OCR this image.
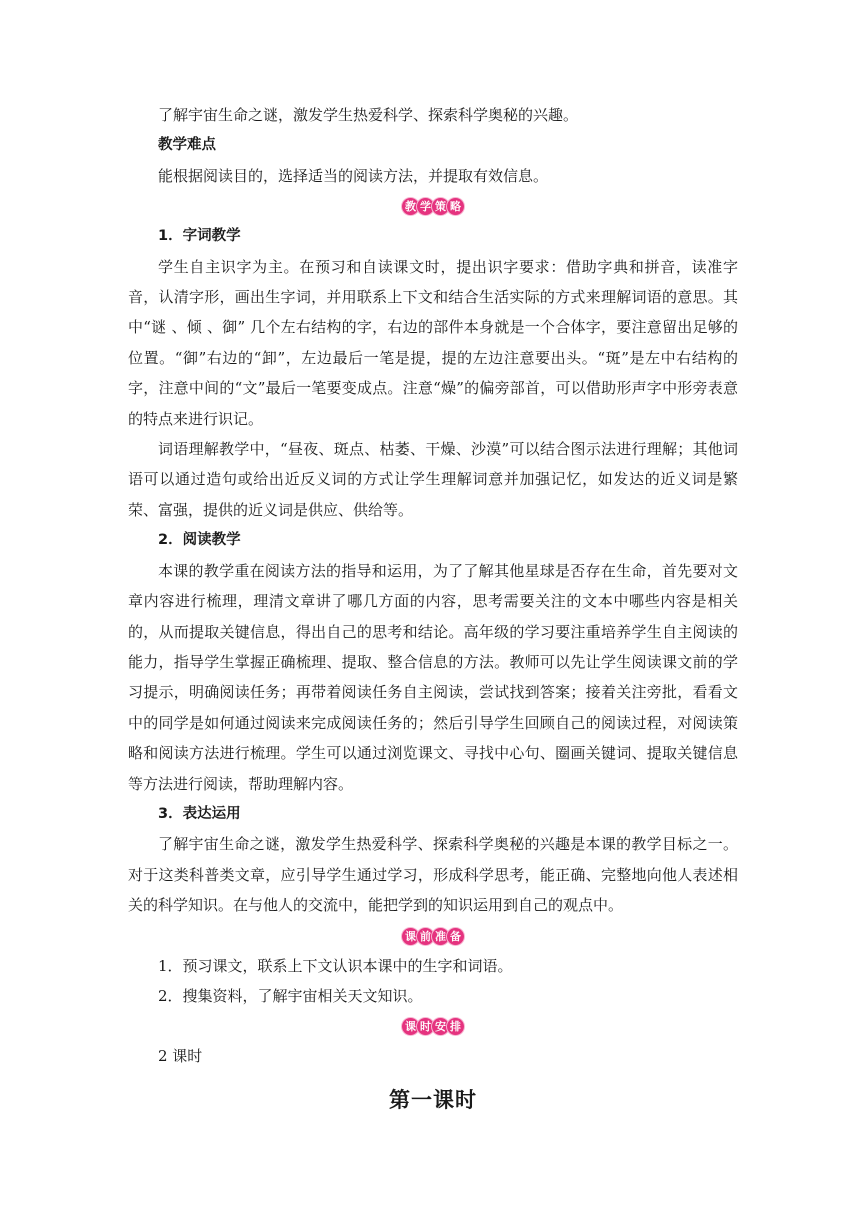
了解宇宙生命之谜，激发学生热爱科学、探索科学奥秘的兴趣。

教学难点

能根据阅读目的，选择适当的阅读方法，并提取有效信息。

教 学 策 略

1．字词教学

学生自主识字为主。在预习和自读课文时，提出识字要求：借助字典和拼音，读准字音，认清字形，画出生字词，并用联系上下文和结合生活实际的方式来理解词语的意思。其中“谜 、倾 、御” 几个左右结构的字，右边的部件本身就是一个合体字，要注意留出足够的位置。“御”右边的“卸”，左边最后一笔是提，提的左边注意要出头。“斑”是左中右结构的字，注意中间的“文”最后一笔要变成点。注意“燥”的偏旁部首，可以借助形声字中形旁表意的特点来进行识记。

词语理解教学中，“昼夜、斑点、枯萎、干燥、沙漠”可以结合图示法进行理解；其他词语可以通过造句或给出近反义词的方式让学生理解词意并加强记忆，如发达的近义词是繁荣、富强，提供的近义词是供应、供给等。

2．阅读教学

本课的教学重在阅读方法的指导和运用，为了了解其他星球是否存在生命，首先要对文章内容进行梳理，理清文章讲了哪几方面的内容，思考需要关注的文本中哪些内容是相关的，从而提取关键信息，得出自己的思考和结论。高年级的学习要注重培养学生自主阅读的能力，指导学生掌握正确梳理、提取、整合信息的方法。教师可以先让学生阅读课文前的学习提示，明确阅读任务；再带着阅读任务自主阅读，尝试找到答案；接着关注旁批，看看文中的同学是如何通过阅读来完成阅读任务的；然后引导学生回顾自己的阅读过程，对阅读策略和阅读方法进行梳理。学生可以通过浏览课文、寻找中心句、圈画关键词、提取关键信息等方法进行阅读，帮助理解内容。

3．表达运用

了解宇宙生命之谜，激发学生热爱科学、探索科学奥秘的兴趣是本课的教学目标之一。对于这类科普类文章，应引导学生通过学习，形成科学思考，能正确、完整地向他人表述相关的科学知识。在与他人的交流中，能把学到的知识运用到自己的观点中。

课 前 准 备

1．预习课文，联系上下文认识本课中的生字和词语。

2．搜集资料，了解宇宙相关天文知识。

课 时 安 排

2 课时

第一课时
